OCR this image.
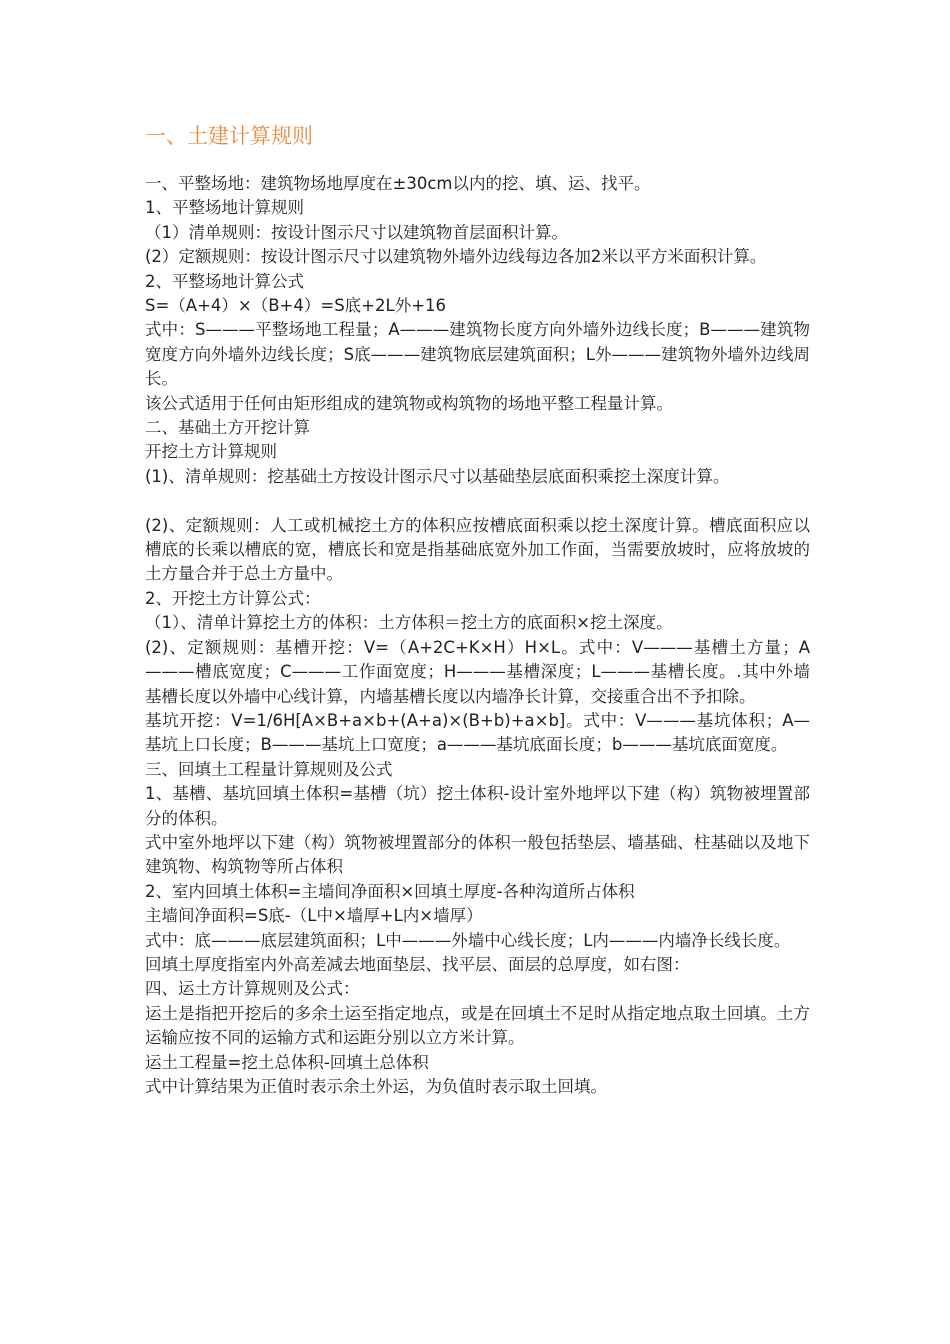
一、土建计算规则

一、平整场地：建筑物场地厚度在±30cm以内的挖、填、运、找平。

1、平整场地计算规则

（1）清单规则：按设计图示尺寸以建筑物首层面积计算。

(2）定额规则：按设计图示尺寸以建筑物外墙外边线每边各加2米以平方米面积计算。

2、平整场地计算公式

S=（A+4）×（B+4）=S底+2L外+16

式中：S———平整场地工程量；A———建筑物长度方向外墙外边线长度；B———建筑物宽度方向外墙外边线长度；S底———建筑物底层建筑面积；L外———建筑物外墙外边线周长。

该公式适用于任何由矩形组成的建筑物或构筑物的场地平整工程量计算。

二、基础土方开挖计算

开挖土方计算规则

(1)、清单规则：挖基础土方按设计图示尺寸以基础垫层底面积乘挖土深度计算。

(2)、定额规则：人工或机械挖土方的体积应按槽底面积乘以挖土深度计算。槽底面积应以槽底的长乘以槽底的宽，槽底长和宽是指基础底宽外加工作面，当需要放坡时，应将放坡的土方量合并于总土方量中。

2、开挖土方计算公式：

（1）、清单计算挖土方的体积：土方体积＝挖土方的底面积×挖土深度。

(2)、定额规则：基槽开挖：V=（A+2C+K×H）H×L。式中：V———基槽土方量；A———槽底宽度；C———工作面宽度；H———基槽深度；L———基槽长度。.其中外墙基槽长度以外墙中心线计算，内墙基槽长度以内墙净长计算，交接重合出不予扣除。

基坑开挖：V=1/6H[A×B+a×b+(A+a)×(B+b)+a×b]。式中：V———基坑体积；A—基坑上口长度；B———基坑上口宽度；a———基坑底面长度；b———基坑底面宽度。

三、回填土工程量计算规则及公式

1、基槽、基坑回填土体积=基槽（坑）挖土体积-设计室外地坪以下建（构）筑物被埋置部分的体积。

式中室外地坪以下建（构）筑物被埋置部分的体积一般包括垫层、墙基础、柱基础以及地下建筑物、构筑物等所占体积

2、室内回填土体积=主墙间净面积×回填土厚度-各种沟道所占体积

主墙间净面积=S底-（L中×墙厚+L内×墙厚）

式中：底———底层建筑面积；L中———外墙中心线长度；L内———内墙净长线长度。

回填土厚度指室内外高差减去地面垫层、找平层、面层的总厚度，如右图：

四、运土方计算规则及公式：

运土是指把开挖后的多余土运至指定地点，或是在回填土不足时从指定地点取土回填。土方运输应按不同的运输方式和运距分别以立方米计算。

运土工程量=挖土总体积-回填土总体积

式中计算结果为正值时表示余土外运，为负值时表示取土回填。
